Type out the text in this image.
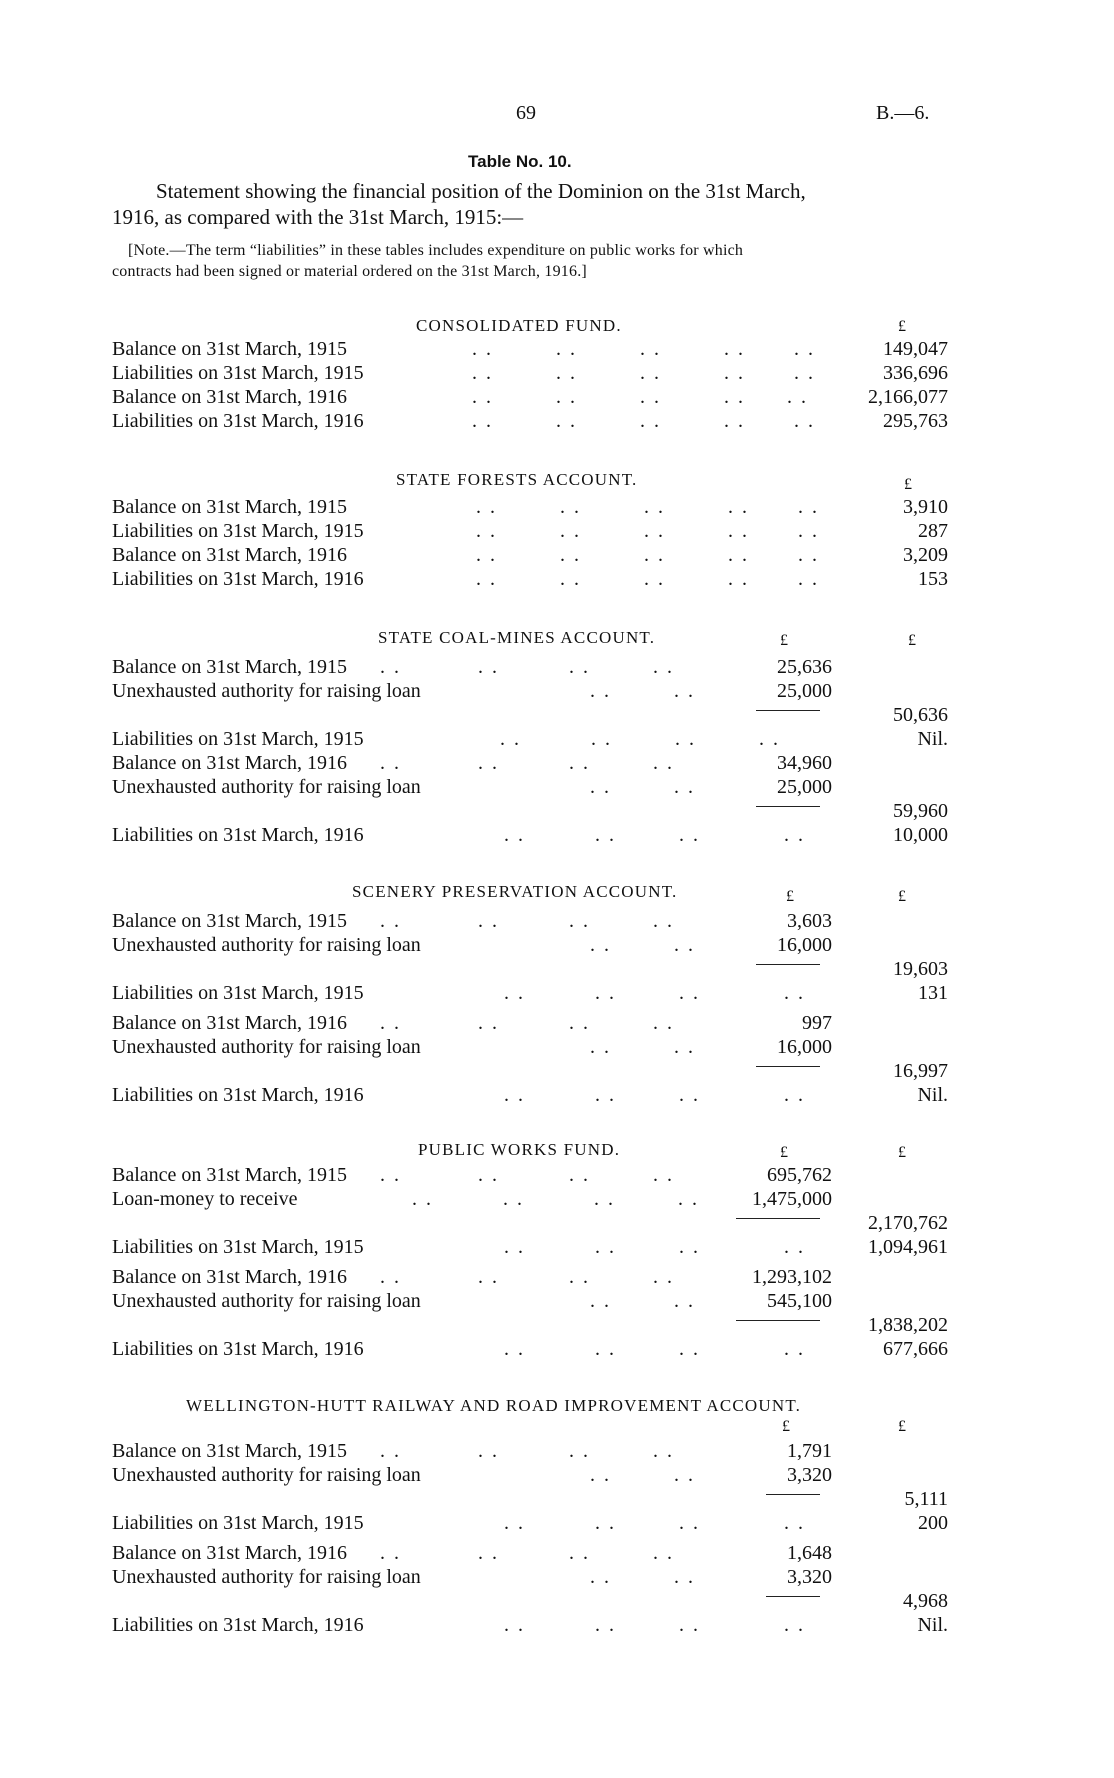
69	B.—6.
Table No. 10.
Statement showing the financial position of the Dominion on the 31st March,
1916, as compared with the 31st March, 1915:—
[Note.—The term “liabilities” in these tables includes expenditure on public works for which
contracts had been signed or material ordered on the 31st March, 1916.]
CONSOLIDATED FUND.	£
Balance on 31st March, 1915	. .         . .         . .         . .       . .	149,047
Liabilities on 31st March, 1915	. .         . .         . .         . .       . .	336,696
Balance on 31st March, 1916	. .         . .         . .         . .      . .	2,166,077
Liabilities on 31st March, 1916	. .         . .         . .         . .       . .	295,763
STATE FORESTS ACCOUNT.	£
Balance on 31st March, 1915	. .         . .         . .         . .       . .	3,910
Liabilities on 31st March, 1915	. .         . .         . .         . .       . .	287
Balance on 31st March, 1916	. .         . .         . .         . .       . .	3,209
Liabilities on 31st March, 1916	. .         . .         . .         . .       . .	153
STATE COAL-MINES ACCOUNT.	£	£
Balance on 31st March, 1915 . .           . .          . .         . .	25,636
Unexhausted authority for raising loan	. .         . .	25,000
50,636
Liabilities on 31st March, 1915	. .          . .         . .         . .	Nil.
Balance on 31st March, 1916 . .           . .          . .         . .	34,960
Unexhausted authority for raising loan	. .         . .	25,000
59,960
Liabilities on 31st March, 1916	. .          . .         . .            . .	10,000
SCENERY PRESERVATION ACCOUNT.	£	£
Balance on 31st March, 1915 . .           . .          . .         . .	3,603
Unexhausted authority for raising loan	. .         . .	16,000
19,603
Liabilities on 31st March, 1915	. .          . .         . .            . .	131
Balance on 31st March, 1916 . .           . .          . .         . .	997
Unexhausted authority for raising loan	. .         . .	16,000
16,997
Liabilities on 31st March, 1916	. .          . .         . .            . .	Nil.
PUBLIC WORKS FUND.	£	£
Balance on 31st March, 1915 . .           . .          . .         . .	695,762
Loan-money to receive	. .          . .          . .         . .	1,475,000
2,170,762
Liabilities on 31st March, 1915	. .          . .         . .            . .	1,094,961
Balance on 31st March, 1916 . .           . .          . .         . .	1,293,102
Unexhausted authority for raising loan	. .         . .	545,100
1,838,202
Liabilities on 31st March, 1916	. .          . .         . .            . .	677,666
WELLINGTON-HUTT RAILWAY AND ROAD IMPROVEMENT ACCOUNT.
£	£
Balance on 31st March, 1915 . .           . .          . .         . .	1,791
Unexhausted authority for raising loan	. .         . .	3,320
5,111
Liabilities on 31st March, 1915	. .          . .         . .            . .	200
Balance on 31st March, 1916 . .           . .          . .         . .	1,648
Unexhausted authority for raising loan	. .         . .	3,320
4,968
Liabilities on 31st March, 1916	. .          . .         . .            . .	Nil.
